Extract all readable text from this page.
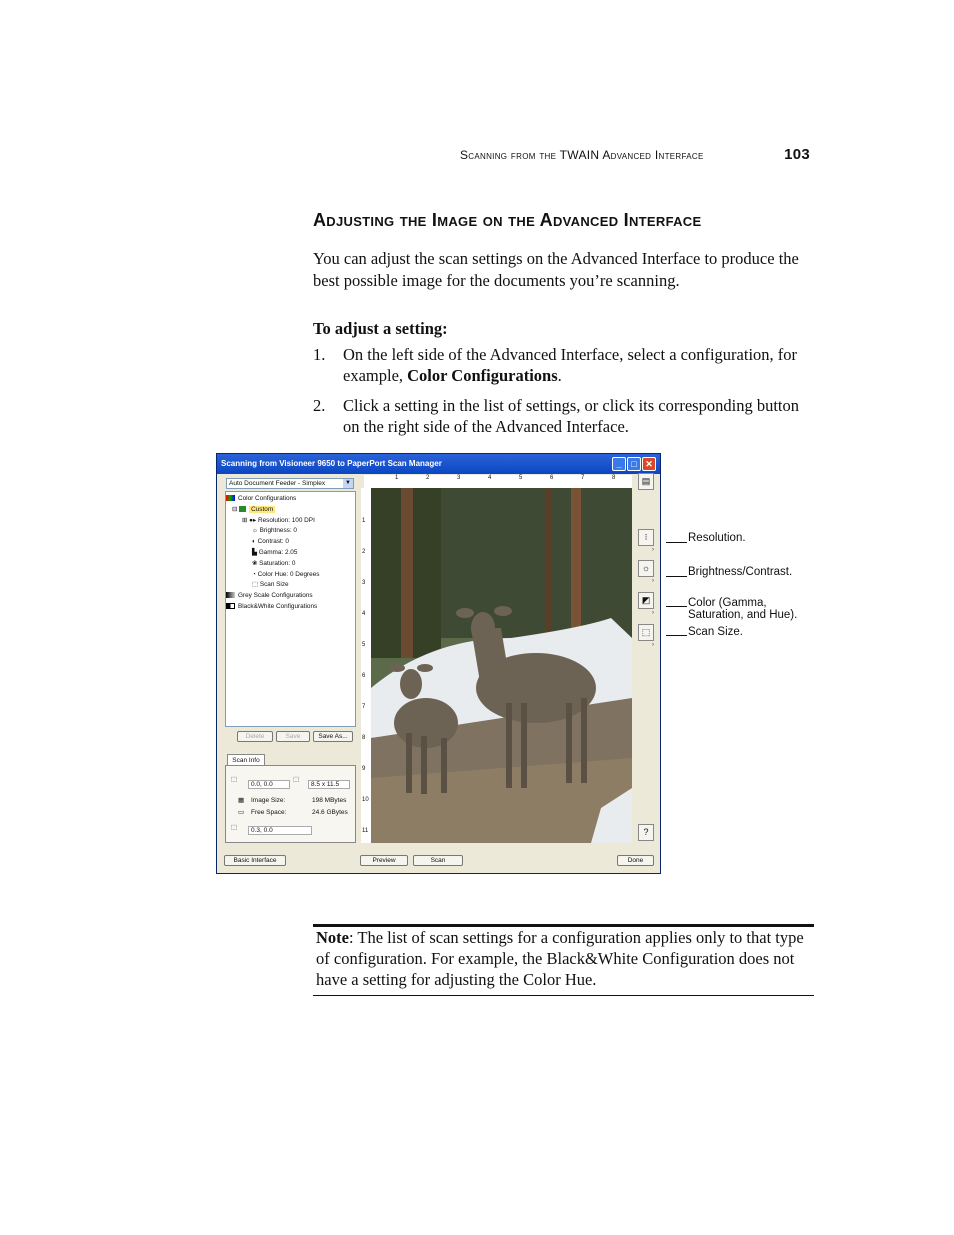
Scanning from the TWAIN Advanced Interface	103
Adjusting the Image on the Advanced Interface
You can adjust the scan settings on the Advanced Interface to produce the best possible image for the documents you’re scanning.
To adjust a setting:
1. On the left side of the Advanced Interface, select a configuration, for example, Color Configurations.
2. Click a setting in the list of settings, or click its corresponding button on the right side of the Advanced Interface.
Scanning from Visioneer 9650 to PaperPort Scan Manager	_	□ ✕
Auto Document Feeder - Simplex	▼
Color Configurations
⊟ Custom
⊞ ●▸ Resolution: 100 DPI
☼ Brightness: 0
◐ Contrast: 0
▙ Gamma: 2.05
❀ Saturation: 0
◔ Color Hue: 0 Degrees
⬚ Scan Size
Grey Scale Configurations
Black&White Configurations
Delete	Save	Save As...
Scan Info
⬚
0.0, 0.0
⬚
8.5 x 11.5
▦ Image Size:	198 MBytes
▭ Free Space:	24.6 GBytes
⬚	0.3, 0.0
Basic Interface	Preview	Scan	Done
1	2	3	4	5	6	7	8
1
2
3
4
5
6
7
8
9
10
11
▤
⁝
›
☼
›
◩
›
⬚
›
?
Resolution.
Brightness/Contrast.
Color (Gamma, Saturation, and Hue).
Scan Size.
Note: The list of scan settings for a configuration applies only to that type of configuration. For example, the Black&White Configuration does not have a setting for adjusting the Color Hue.
